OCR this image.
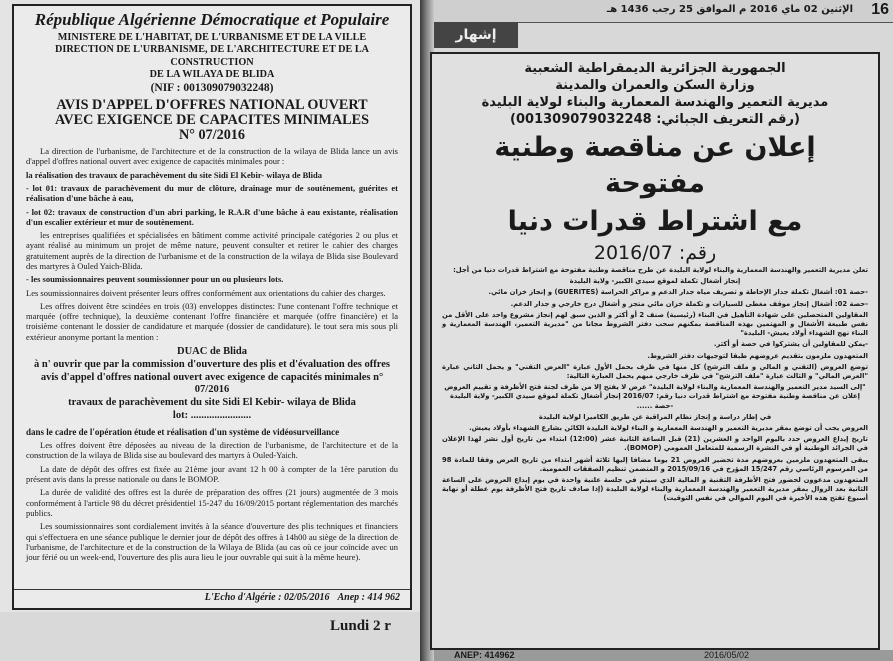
République Algérienne Démocratique et Populaire
MINISTERE DE L'HABITAT, DE L'URBANISME ET DE LA VILLE
DIRECTION DE L'URBANISME, DE L'ARCHITECTURE ET DE LA CONSTRUCTION
DE LA WILAYA DE BLIDA
(NIF : 001309079032248)
AVIS D'APPEL D'OFFRES NATIONAL OUVERT
AVEC EXIGENCE DE CAPACITES MINIMALES
N° 07/2016
La direction de l'urbanisme, de l'architecture et de la construction de la wilaya de Blida lance un avis d'appel d'offres national ouvert avec exigence de capacités minimales pour :
la réalisation des travaux de parachèvement du site Sidi El Kebir- wilaya de Blida
- lot 01: travaux de parachèvement du mur de clôture, drainage mur de soutènement, guérites et réalisation d'une bâche à eau,
- lot 02: travaux de construction d'un abri parking, le R.A.R d'une bâche à eau existante, réalisation d'un escalier extérieur et mur de soutènement.
les entreprises qualifiées et spécialisées en bâtiment comme activité principale catégories 2 ou plus et ayant réalisé au minimum un projet de même nature, peuvent consulter et retirer le cahier des charges gratuitement auprès de la direction de l'urbanisme et de la construction de la wilaya de Blida sise Boulevard des martyres à Ouled Yaich-Blida.
- les soumissionnaires peuvent soumissionner pour un ou plusieurs lots.
Les soumissionnaires doivent présenter leurs offres conformément aux orientations du cahier des charges.
Les offres doivent être scindées en trois (03) enveloppes distinctes: l'une contenant l'offre technique et marquée (offre technique), la deuxième contenant l'offre financière et marquée (offre financière) et la troisième contenant le dossier de candidature et marquée (dossier de candidature). le tout sera mis sous pli extérieur anonyme portant la mention :
DUAC de Blida
à n' ouvrir que par la commission d'ouverture des plis et d'évaluation des offres
avis d'appel d'offres national ouvert avec exigence de capacités minimales n° 07/2016
travaux de parachèvement du site Sidi El Kebir- wilaya de Blida
lot: .......................
dans le cadre de l'opération étude et réalisation d'un système de vidéosurveillance
Les offres doivent être déposées au niveau de la direction de l'urbanisme, de l'architecture et de la construction de la wilaya de Blida sise au boulevard des martyrs à Ouled-Yaich.
La date de dépôt des offres est fixée au 21ème jour avant 12 h 00 à compter de la 1ère parution du présent avis dans la presse nationale ou dans le BOMOP.
La durée de validité des offres est la durée de préparation des offres (21 jours) augmentée de 3 mois conformément à l'article 98 du décret présidentiel 15-247 du 16/09/2015 portant réglementation des marchés publics.
Les soumissionnaires sont cordialement invités à la séance d'ouverture des plis techniques et financiers qui s'effectuera en une séance publique le dernier jour de dépôt des offres à 14h00 au siège de la direction de l'urbanisme, de l'architecture et de la construction de la Wilaya de Blida (au cas où ce jour coïncide avec un jour férié ou un week-end, l'ouverture des plis aura lieu le jour ouvrable qui suit à la même heure).
L'Echo d'Algérie : 02/05/2016 Anep : 414 962
Lundi 2 r
16
الإثنين 02 ماي 2016 م الموافق 25 رجب 1436 هـ
إشهار
الجمهورية الجزائرية الديمقراطية الشعبية
وزارة السكن والعمران والمدينة
مديرية التعمير والهندسة المعمارية والبناء لولاية البليدة
(رقم التعريف الجبائي: 001309079032248)
إعلان عن مناقصة وطنية مفتوحة
مع اشتراط قدرات دنيا
رقم: 2016/07
تعلن مديرية التعمير والهندسة المعمارية والبناء لولاية البليدة عن طرح مناقصة وطنية مفتوحة مع اشتراط قدرات دنيا من أجل:
إنجاز أشغال تكملة لموقع سيدي الكبير- ولاية البليدة
-حصة 01: أشغال تكملة جدار الإحاطة و تصريف مياه جدار الدعم و مراكز الحراسة (GUERITES) و إنجاز خزان مائي.
-حصة 02: أشغال إنجاز موقف مغطى للسيارات و تكملة خزان مائي متجز و أشغال درج خارجي و جدار الدعم.
المقاولين المتحصلين على شهادة التأهيل في البناء (رئيسية) صنف 2 أو أكثر و الذين سبق لهم إنجاز مشروع واحد على الأقل من نفس طبيعة الأشغال و المهتمين بهذه المناقصة بمكنهم سحب دفتر الشروط مجانا من "مديرية التعمير، الهندسة المعمارية و البناء نهج الشهداء أولاد يعيش- البليدة"
-يمكن للمقاولين أن يشتركوا في حصة أو أكثر.
المتعهدون ملزمون بتقديم عروضهم طبقا لتوجيهات دفتر الشروط.
توضع العروض (التقني و المالي و ملف الترشح) كل منها في ظرف بحمل الأول عبارة "العرض التقني" و يحمل الثاني عبارة "العرض المالي" و الثالث عبارة "ملف الترشح" في ظرف خارجي مبهم يحمل العبارة التالية:
"إلى السيد مدير التعمير والهندسة المعمارية والبناء لولاية البليدة" عرض لا يفتح إلا من طرف لجنة فتح الأظرفة و تقييم العروض إعلان عن مناقصة وطنية مفتوحة مع اشتراط قدرات دنيا رقم: 2016/07 إنجاز أشغال تكملة لموقع سيدي الكبير- ولاية البليدة -حصة ......
في إطار دراسة و إنجاز نظام المراقبة عن طريق الكاميرا لولاية البليدة
العروض يجب أن توضع بمقر مديرية التعمير و الهندسة المعمارية و البناء لولاية البليدة الكائن بشارع الشهداء بأولاد يعيش.
تاريخ إيداع العروض حدد باليوم الواحد و العشرين (21) قبل الساعة الثانية عشر (12:00) ابتداء من تاريخ أول نشر لهذا الإعلان في الجرائد الوطنية أو في النشرة الرسمية للمتعامل العمومي (BOMOP).
يبقى المتعهدون ملزمين بعروضهم مدة تحضير العروض 21 يوما مضافا إليها ثلاثة أشهر ابتداء من تاريخ العرض وفقا للمادة 98 من المرسوم الرئاسي رقم 15/247 المؤرخ في 2015/09/16 و المتضمن تنظيم الصفقات العمومية.
المتعهدون مدعوون لحضور فتح الأظرفة التقنية و المالية الذي سيتم في جلسة علنية واحدة في يوم إيداع العروض على الساعة الثانية بعد الزوال بمقر مديرية التعمير والهندسة المعمارية والبناء لولاية البليدة (إذا صادف تاريخ فتح الأظرفة يوم عطلة أو نهاية أسبوع تفتح هذه الأخيرة في اليوم الموالي في نفس التوقيت)
ANEP: 414962	2016/05/02
